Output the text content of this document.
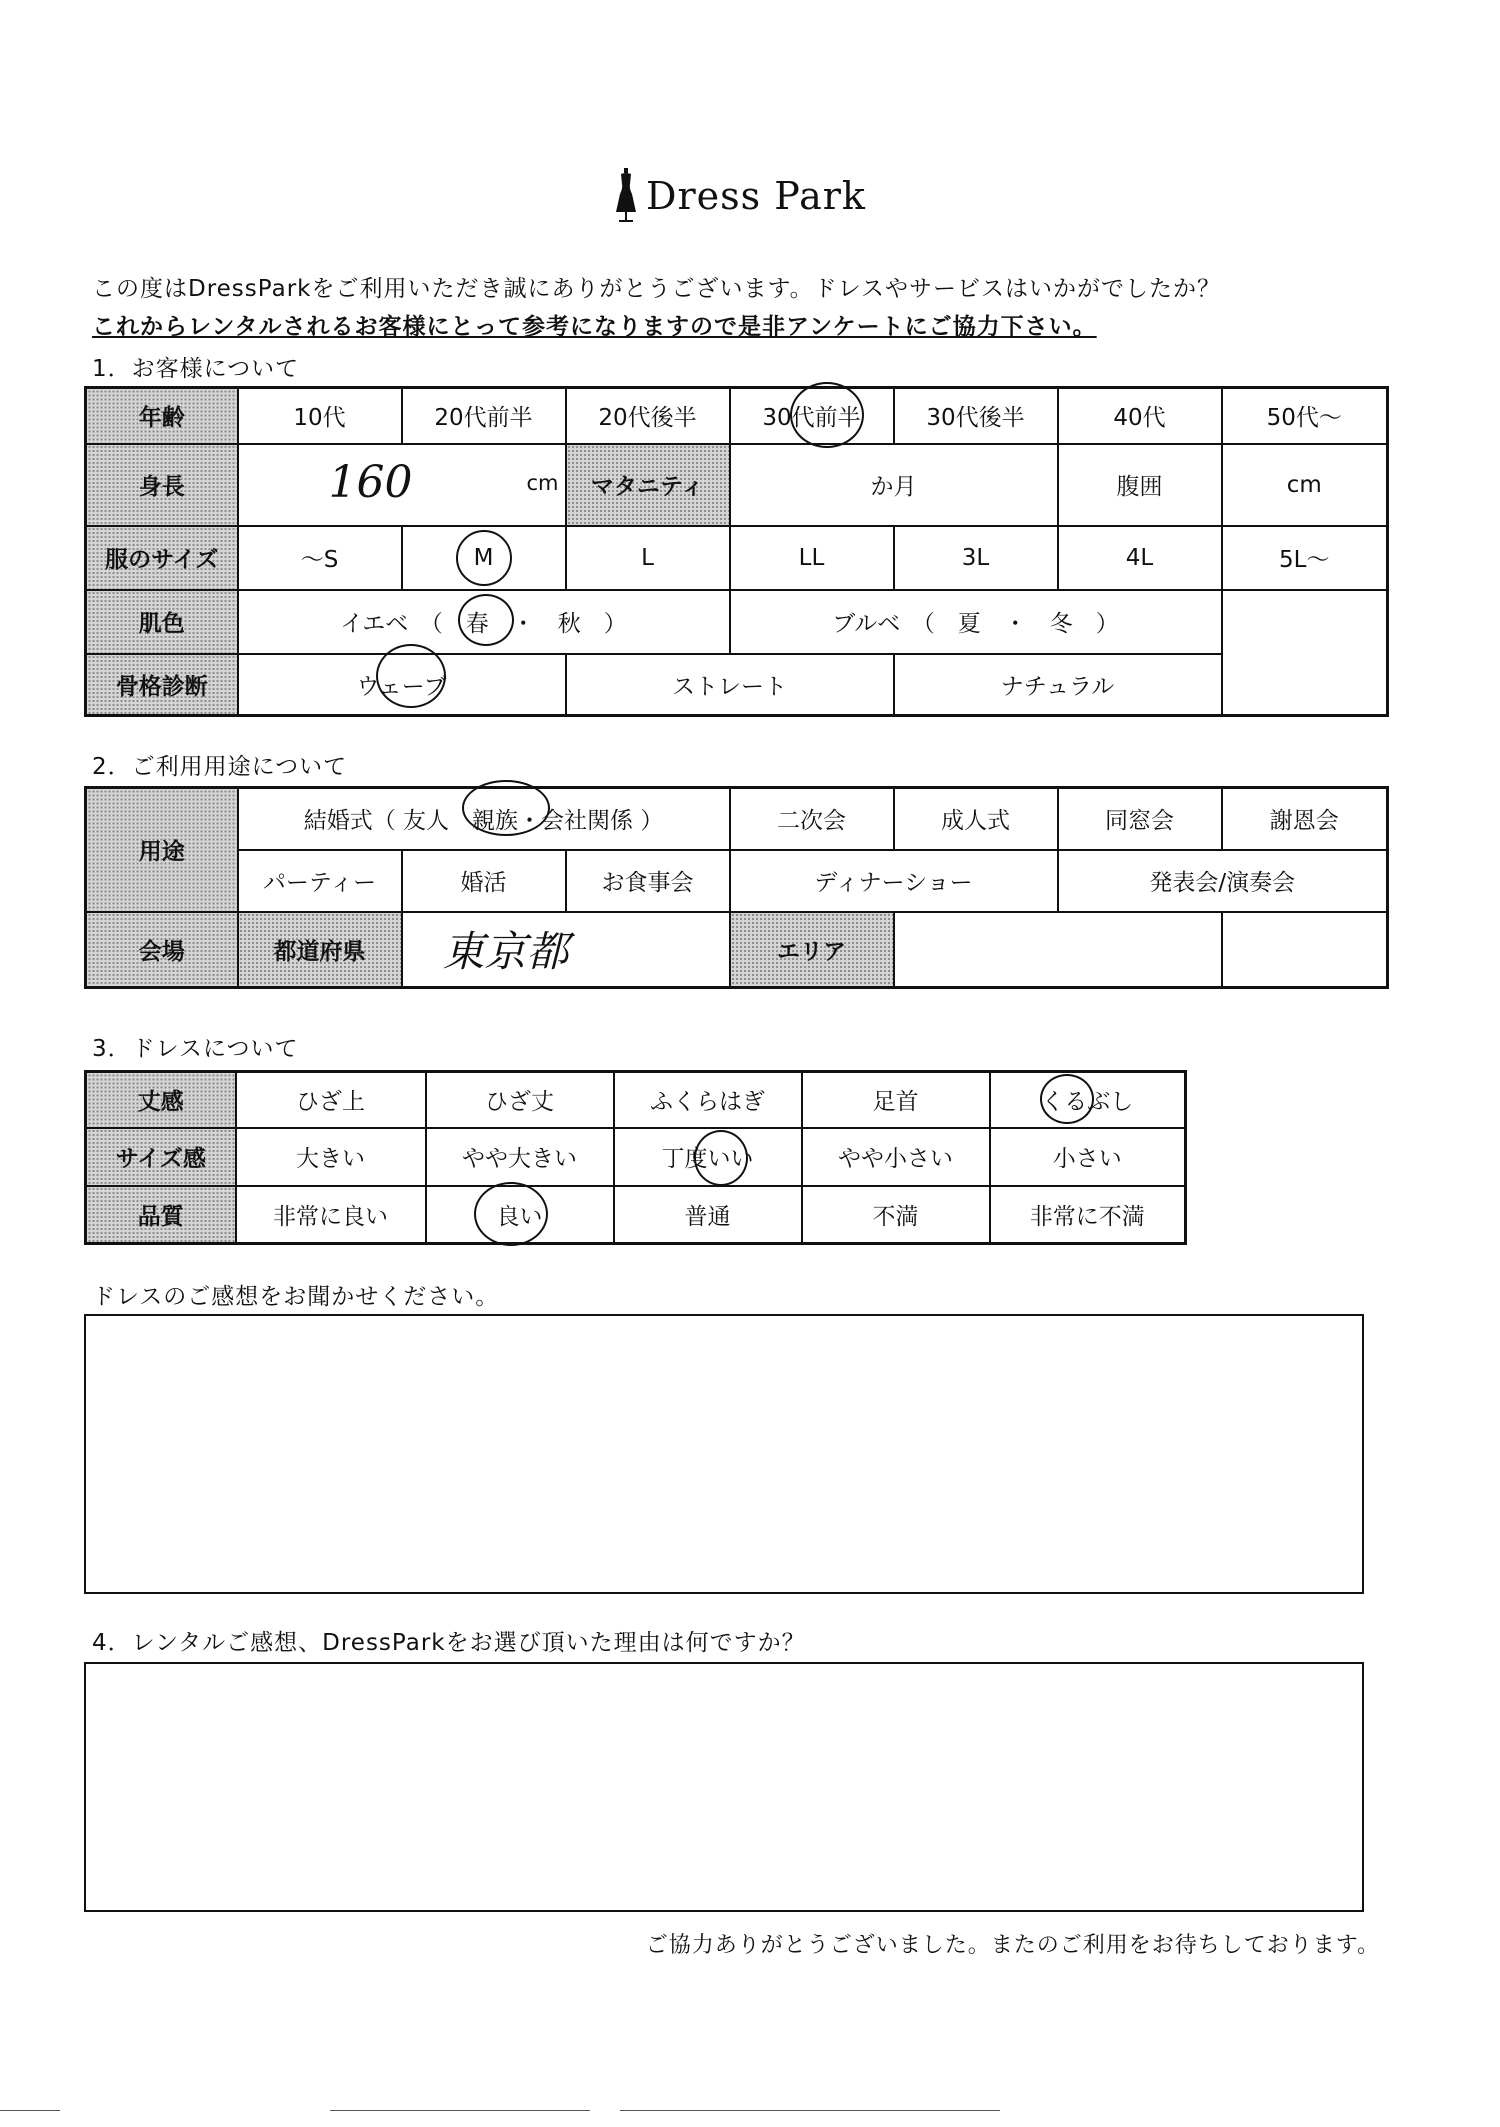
Dress Park
この度はDressParkをご利用いただき誠にありがとうございます。ドレスやサービスはいかがでしたか？
これからレンタルされるお客様にとって参考になりますので是非アンケートにご協力下さい。
1．お客様について
年齢	10代	20代前半	20代後半	30代前半	30代後半	40代	50代～
身長	160 cm		マタニティ	か月		腹囲	cm
服のサイズ	～S	M	L	LL	3L	4L	5L～
肌色	イエベ　（　春　・　秋　）			ブルベ　（　夏　・　冬　）			
骨格診断	ウェーブ		ストレート		ナチュラル		
2．ご利用用途について
用途	結婚式（ 友人　親族・会社関係 ）			二次会	成人式	同窓会	謝恩会
	パーティー	婚活	お食事会	ディナーショー		発表会/演奏会	
会場	都道府県	東京都		エリア			
3．ドレスについて
丈感	ひざ上	ひざ丈	ふくらはぎ	足首	くるぶし
サイズ感	大きい	やや大きい	丁度いい	やや小さい	小さい
品質	非常に良い	良い	普通	不満	非常に不満
ドレスのご感想をお聞かせください。
4．レンタルご感想、DressParkをお選び頂いた理由は何ですか？
ご協力ありがとうございました。またのご利用をお待ちしております。
